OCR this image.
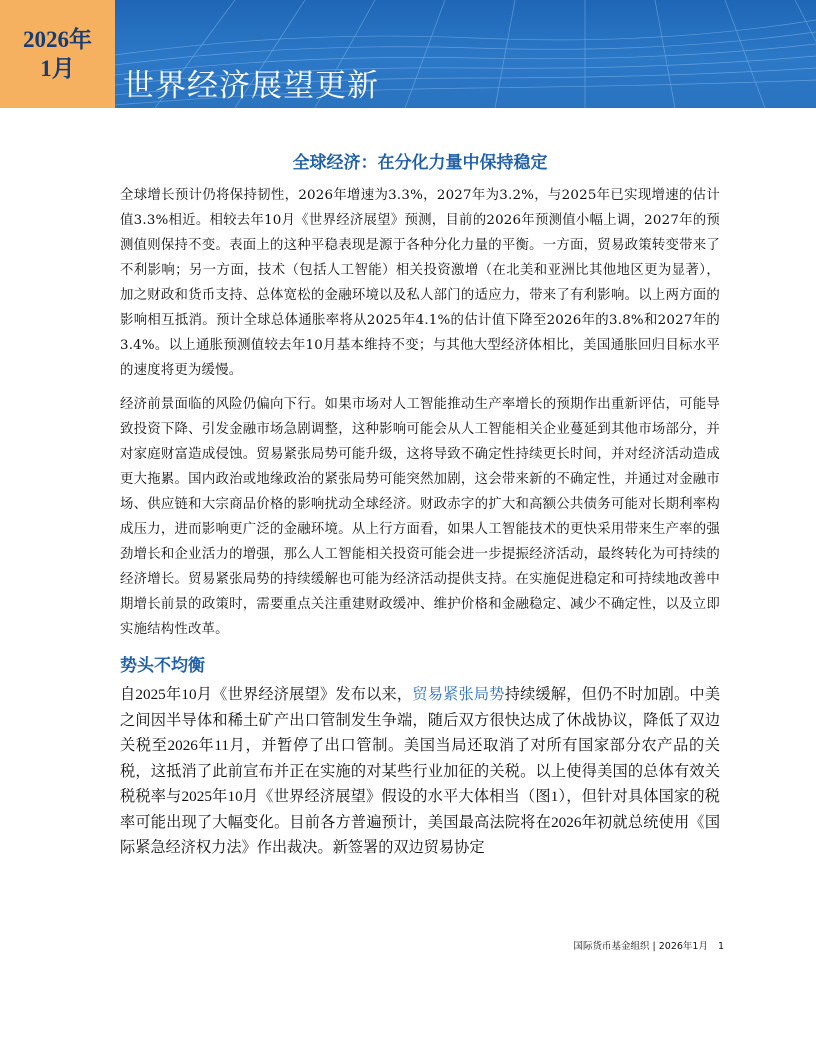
2026年
1月 世界经济展望更新
全球经济：在分化力量中保持稳定

全球增长预计仍将保持韧性，2026年增速为3.3%，2027年为3.2%，与2025年已实现增速的估计值3.3%相近。相较去年10月《世界经济展望》预测，目前的2026年预测值小幅上调，2027年的预测值则保持不变。表面上的这种平稳表现是源于各种分化力量的平衡。一方面，贸易政策转变带来了不利影响；另一方面，技术（包括人工智能）相关投资激增（在北美和亚洲比其他地区更为显著），加之财政和货币支持、总体宽松的金融环境以及私人部门的适应力，带来了有利影响。以上两方面的影响相互抵消。预计全球总体通胀率将从2025年4.1%的估计值下降至2026年的3.8%和2027年的3.4%。以上通胀预测值较去年10月基本维持不变；与其他大型经济体相比，美国通胀回归目标水平的速度将更为缓慢。

经济前景面临的风险仍偏向下行。如果市场对人工智能推动生产率增长的预期作出重新评估，可能导致投资下降、引发金融市场急剧调整，这种影响可能会从人工智能相关企业蔓延到其他市场部分，并对家庭财富造成侵蚀。贸易紧张局势可能升级，这将导致不确定性持续更长时间，并对经济活动造成更大拖累。国内政治或地缘政治的紧张局势可能突然加剧，这会带来新的不确定性，并通过对金融市场、供应链和大宗商品价格的影响扰动全球经济。财政赤字的扩大和高额公共债务可能对长期利率构成压力，进而影响更广泛的金融环境。从上行方面看，如果人工智能技术的更快采用带来生产率的强劲增长和企业活力的增强，那么人工智能相关投资可能会进一步提振经济活动，最终转化为可持续的经济增长。贸易紧张局势的持续缓解也可能为经济活动提供支持。在实施促进稳定和可持续地改善中期增长前景的政策时，需要重点关注重建财政缓冲、维护价格和金融稳定、减少不确定性，以及立即实施结构性改革。

势头不均衡

自2025年10月《世界经济展望》发布以来，贸易紧张局势持续缓解，但仍不时加剧。中美之间因半导体和稀土矿产出口管制发生争端，随后双方很快达成了休战协议，降低了双边关税至2026年11月，并暂停了出口管制。美国当局还取消了对所有国家部分农产品的关税，这抵消了此前宣布并正在实施的对某些行业加征的关税。以上使得美国的总体有效关税税率与2025年10月《世界经济展望》假设的水平大体相当（图1），但针对具体国家的税率可能出现了大幅变化。目前各方普遍预计，美国最高法院将在2026年初就总统使用《国际紧急经济权力法》作出裁决。新签署的双边贸易协定

国际货币基金组织 | 2026年1月 1
